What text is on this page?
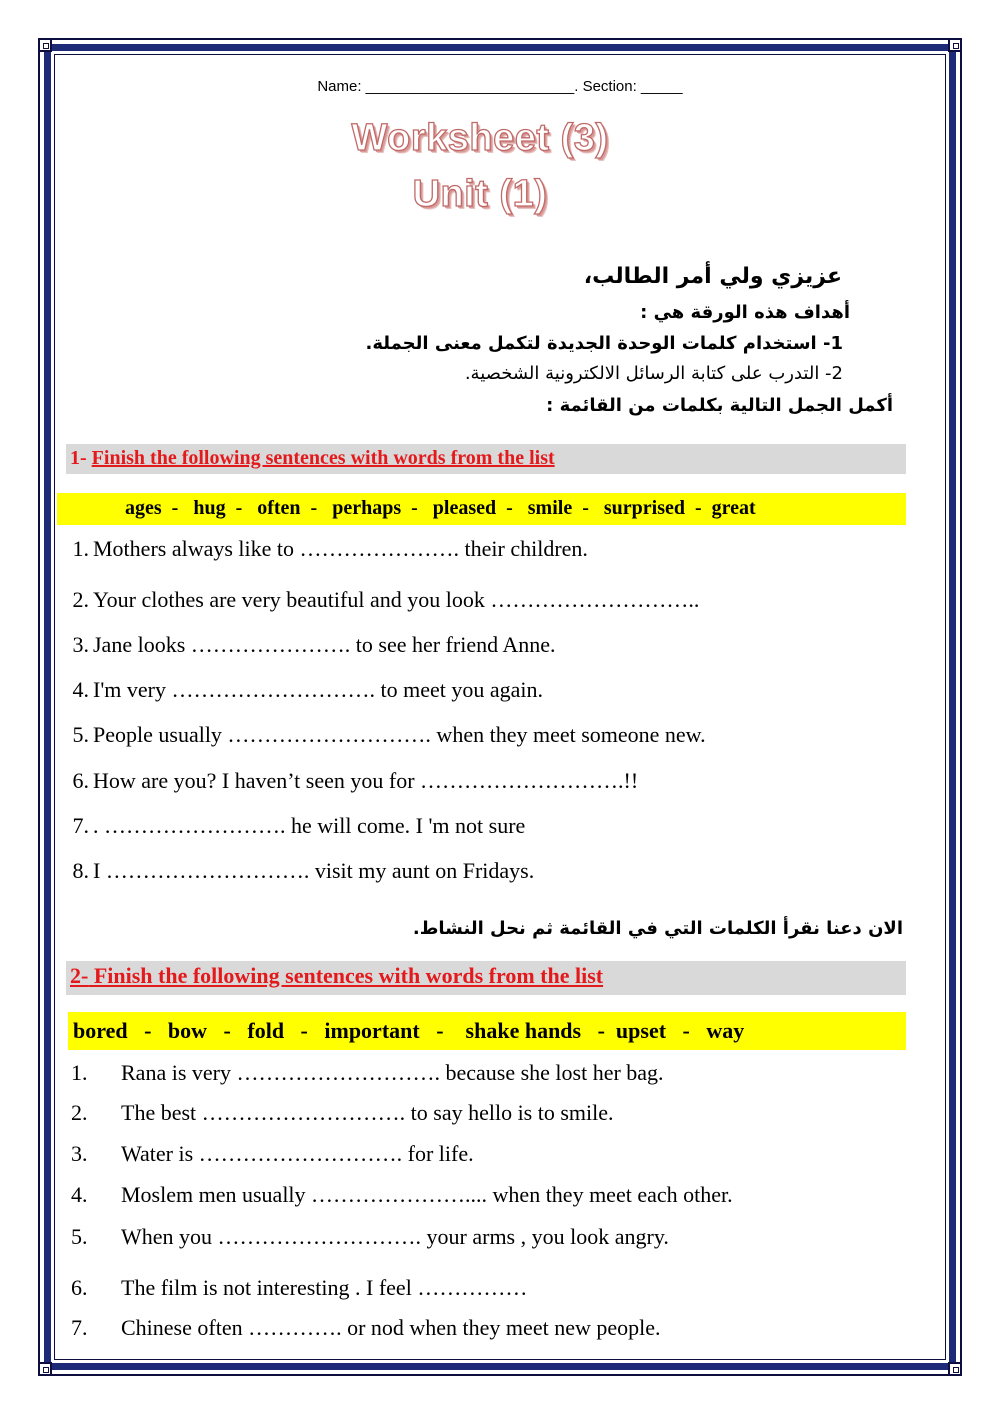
Name: _________________________. Section: _____
Worksheet (3)
Unit (1)
عزيزي ولي أمر الطالب،
أهداف هذه الورقة هي :
1- استخدام كلمات الوحدة الجديدة لتكمل معنى الجملة.
2- التدرب على كتابة الرسائل الالكترونية الشخصية.
أكمل الجمل التالية بكلمات من القائمة :
1- Finish the following sentences with words from the list
ages  -   hug  -   often  -   perhaps  -   pleased  -   smile  -   surprised  -  great
1. Mothers always like to …………………. their children.
2. Your clothes are very beautiful and you look ………………………..
3. Jane looks …………………. to see her friend Anne.
4. I'm very ………………………. to meet you again.
5. People usually ………………………. when they meet someone new.
6. How are you? I haven’t seen you for ……………………….!!
7. . ……………………. he will come. I 'm not sure
8. I ………………………. visit my aunt on Fridays.
الان دعنا نقرأ الكلمات التي في القائمة ثم نحل النشاط.
2- Finish the following sentences with words from the list
bored   -   bow   -   fold   -   important   -    shake hands   -  upset   -   way
1. Rana is very ………………………. because she lost her bag.
2. The best ………………………. to say hello is to smile.
3. Water is ………………………. for life.
4. Moslem men usually ………………….... when they meet each other.
5. When you ………………………. your arms , you look angry.
6. The film is not interesting . I feel ……………
7. Chinese often …………. or nod when they meet new people.
